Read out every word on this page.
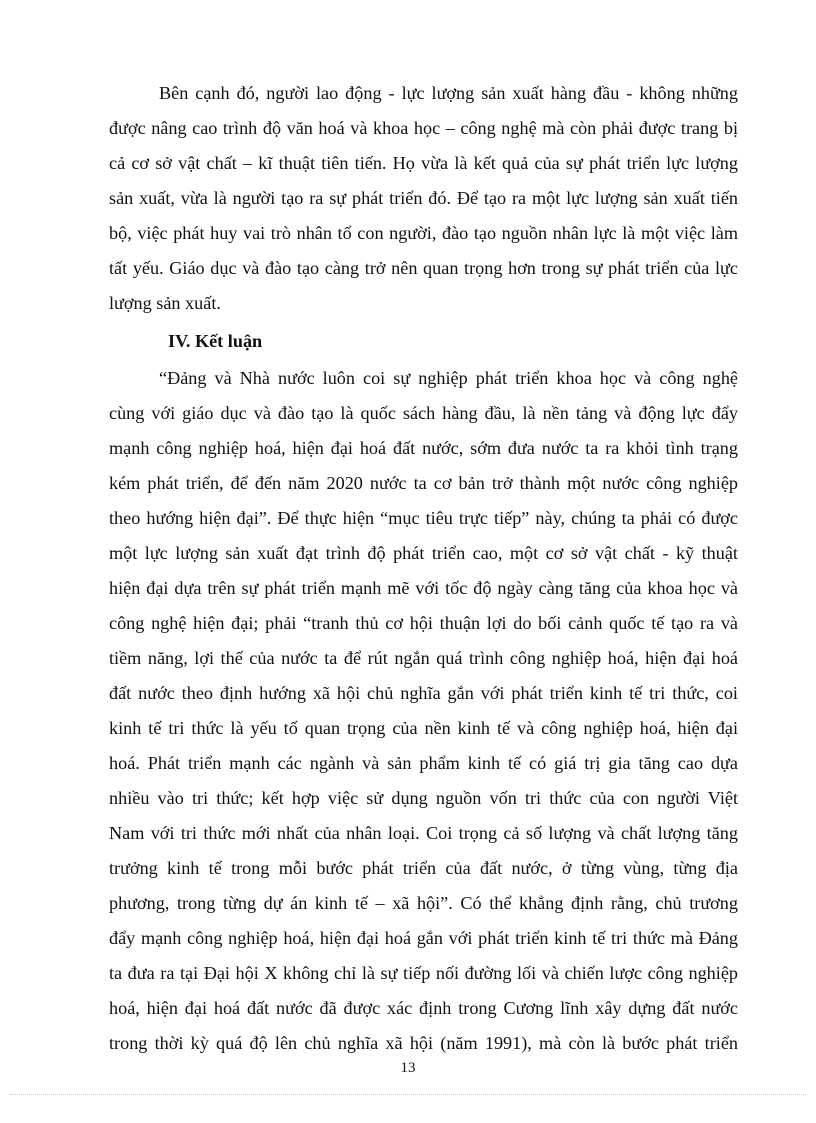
Bên cạnh đó, người lao động - lực lượng sản xuất hàng đầu - không những
được nâng cao trình độ văn hoá và khoa học – công nghệ mà còn phải được trang bị
cả cơ sở vật chất – kĩ thuật tiên tiến. Họ vừa là kết quả của sự phát triển lực lượng
sản xuất, vừa là người tạo ra sự phát triển đó. Để tạo ra một lực lượng sản xuất tiến
bộ, việc phát huy vai trò nhân tố con người, đào tạo nguồn nhân lực là một việc làm
tất yếu. Giáo dục và đào tạo càng trở nên quan trọng hơn trong sự phát triển của lực
lượng sản xuất.
IV. Kết luận
“Đảng và Nhà nước luôn coi sự nghiệp phát triển khoa học và công nghệ
cùng với giáo dục và đào tạo là quốc sách hàng đầu, là nền tảng và động lực đẩy
mạnh công nghiệp hoá, hiện đại hoá đất nước, sớm đưa nước ta ra khỏi tình trạng
kém phát triển, để đến năm 2020 nước ta cơ bản trở thành một nước công nghiệp
theo hướng hiện đại”. Để thực hiện “mục tiêu trực tiếp” này, chúng ta phải có được
một lực lượng sản xuất đạt trình độ phát triển cao, một cơ sở vật chất - kỹ thuật
hiện đại dựa trên sự phát triển mạnh mẽ với tốc độ ngày càng tăng của khoa học và
công nghệ hiện đại; phải “tranh thủ cơ hội thuận lợi do bối cảnh quốc tế tạo ra và
tiềm năng, lợi thế của nước ta để rút ngắn quá trình công nghiệp hoá, hiện đại hoá
đất nước theo định hướng xã hội chủ nghĩa gắn với phát triển kinh tế tri thức, coi
kinh tế tri thức là yếu tố quan trọng của nền kinh tế và công nghiệp hoá, hiện đại
hoá. Phát triển mạnh các ngành và sản phẩm kinh tế có giá trị gia tăng cao dựa
nhiều vào tri thức; kết hợp việc sử dụng nguồn vốn tri thức của con người Việt
Nam với tri thức mới nhất của nhân loại. Coi trọng cả số lượng và chất lượng tăng
trưởng kinh tế trong mỗi bước phát triển của đất nước, ở từng vùng, từng địa
phương, trong từng dự án kinh tế – xã hội”. Có thể khẳng định rằng, chủ trương
đẩy mạnh công nghiệp hoá, hiện đại hoá gắn với phát triển kinh tế tri thức mà Đảng
ta đưa ra tại Đại hội X không chỉ là sự tiếp nối đường lối và chiến lược công nghiệp
hoá, hiện đại hoá đất nước đã được xác định trong Cương lĩnh xây dựng đất nước
trong thời kỳ quá độ lên chủ nghĩa xã hội (năm 1991), mà còn là bước phát triển
13
